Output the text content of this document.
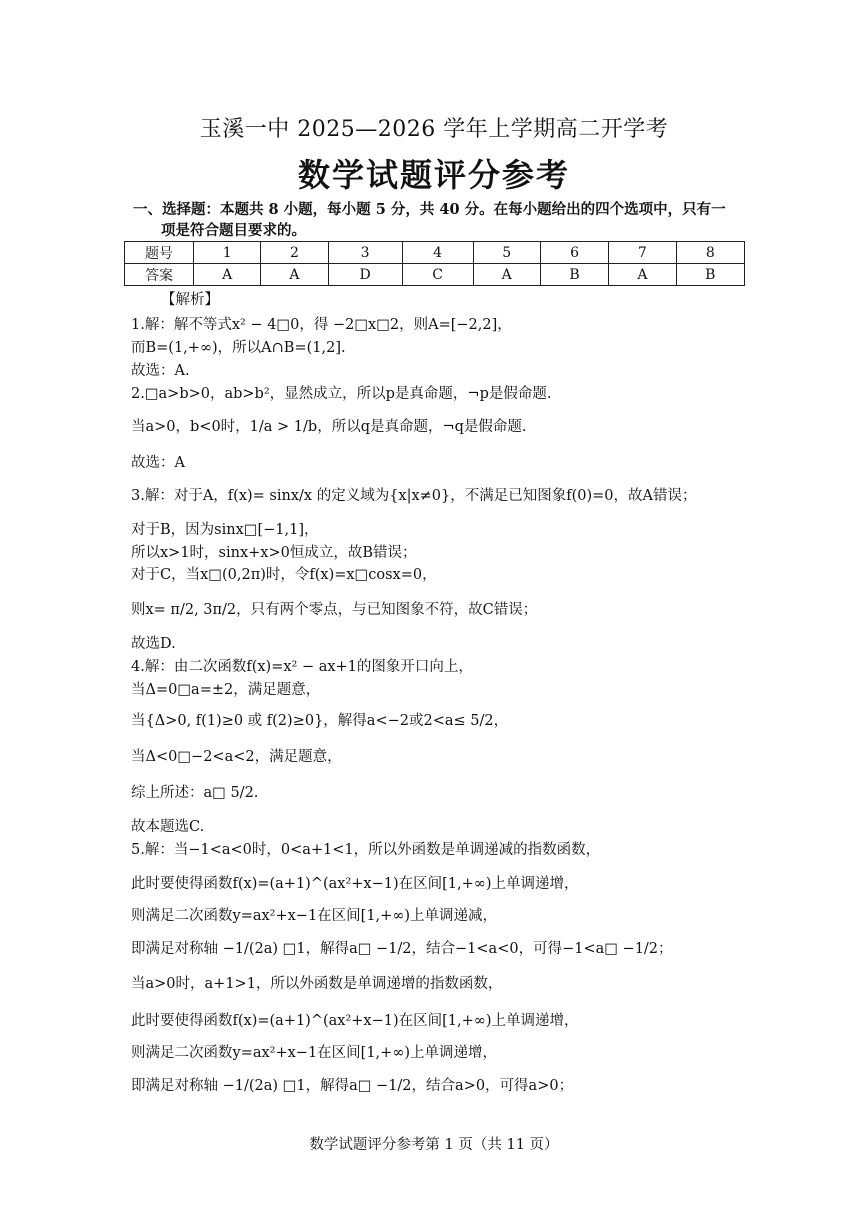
玉溪一中 2025—2026 学年上学期高二开学考
数学试题评分参考
一、选择题：本题共 8 小题，每小题 5 分，共 40 分。在每小题给出的四个选项中，只有一
项是符合题目要求的。
题号	1	2	3	4	5	6	7	8
答案	A	A	D	C	A	B	A	B
【解析】
1.解：解不等式x² − 4□0，得 −2□x□2，则A=[−2,2]，
而B=(1,+∞)，所以A∩B=(1,2].
故选：A.
2.□a>b>0，ab>b²，显然成立，所以p是真命题，¬p是假命题.
当a>0，b<0时，1/a > 1/b，所以q是真命题，¬q是假命题.
故选：A
3.解：对于A，f(x)= sinx/x 的定义域为{x|x≠0}，不满足已知图象f(0)=0，故A错误；
对于B，因为sinx□[−1,1]，
所以x>1时，sinx+x>0恒成立，故B错误；
对于C，当x□(0,2π)时，令f(x)=x□cosx=0，
则x= π/2, 3π/2，只有两个零点，与已知图象不符，故C错误；
故选D.
4.解：由二次函数f(x)=x² − ax+1的图象开口向上，
当Δ=0□a=±2，满足题意，
当{Δ>0, f(1)≥0 或 f(2)≥0}，解得a<−2或2<a≤ 5/2，
当Δ<0□−2<a<2，满足题意，
综上所述：a□ 5/2.
故本题选C.
5.解：当−1<a<0时，0<a+1<1，所以外函数是单调递减的指数函数，
此时要使得函数f(x)=(a+1)^(ax²+x−1)在区间[1,+∞)上单调递增，
则满足二次函数y=ax²+x−1在区间[1,+∞)上单调递减，
即满足对称轴 −1/(2a) □1，解得a□ −1/2，结合−1<a<0，可得−1<a□ −1/2；
当a>0时，a+1>1，所以外函数是单调递增的指数函数，
此时要使得函数f(x)=(a+1)^(ax²+x−1)在区间[1,+∞)上单调递增，
则满足二次函数y=ax²+x−1在区间[1,+∞)上单调递增，
即满足对称轴 −1/(2a) □1，解得a□ −1/2，结合a>0，可得a>0；
数学试题评分参考第 1 页（共 11 页）
